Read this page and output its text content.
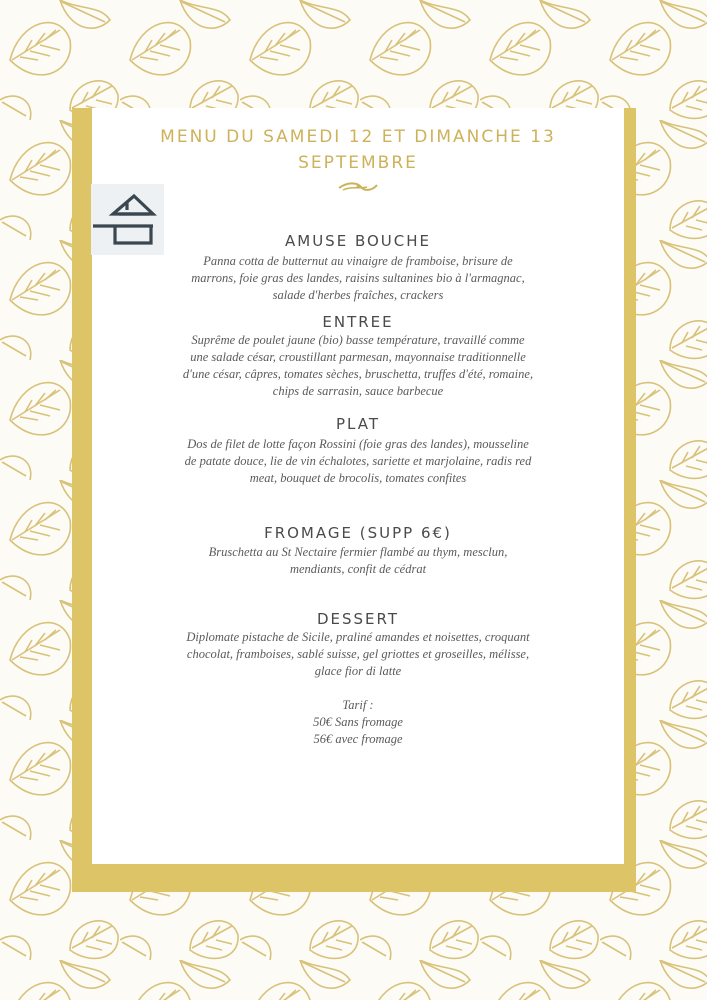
MENU DU SAMEDI 12 ET DIMANCHE 13
SEPTEMBRE
AMUSE BOUCHE
Panna cotta de butternut au vinaigre de framboise, brisure de marrons, foie gras des landes, raisins sultanines bio à l'armagnac, salade d'herbes fraîches, crackers
ENTREE
Suprême de poulet jaune (bio) basse température, travaillé comme une salade césar, croustillant parmesan, mayonnaise traditionnelle d'une césar, câpres, tomates sèches, bruschetta, truffes d'été, romaine, chips de sarrasin, sauce barbecue
PLAT
Dos de filet de lotte façon Rossini (foie gras des landes), mousseline de patate douce, lie de vin échalotes, sariette et marjolaine, radis red meat, bouquet de brocolis, tomates confites
FROMAGE (SUPP 6€)
Bruschetta au St Nectaire fermier flambé au thym, mesclun, mendiants, confit de cédrat
DESSERT
Diplomate pistache de Sicile, praliné amandes et noisettes, croquant chocolat, framboises, sablé suisse, gel griottes et groseilles, mélisse, glace fior di latte
Tarif :
50€ Sans fromage
56€ avec fromage
